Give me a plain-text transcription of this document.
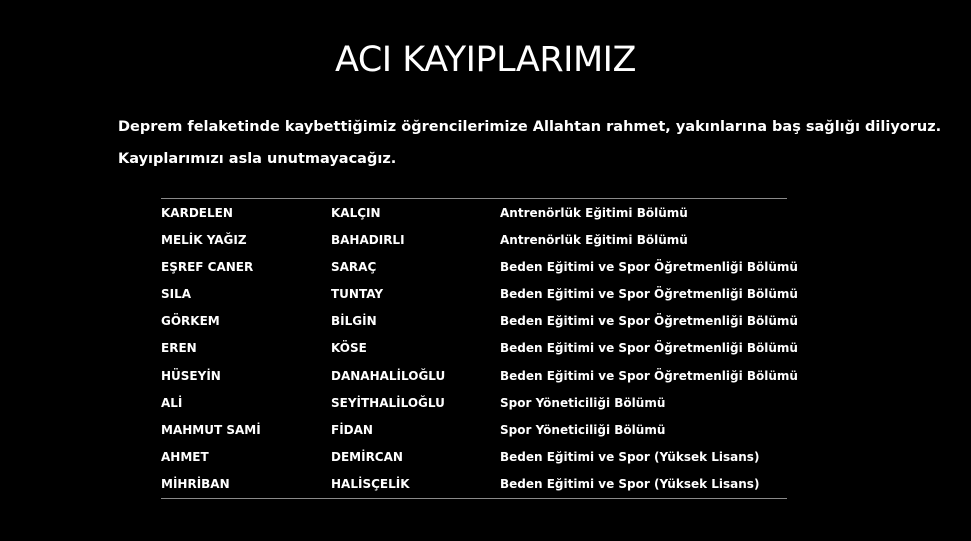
ACI KAYIPLARIMIZ
Deprem felaketinde kaybettiğimiz öğrencilerimize Allahtan rahmet, yakınlarına baş sağlığı diliyoruz.
Kayıplarımızı asla unutmayacağız.
KARDELEN	KALÇIN	Antrenörlük Eğitimi Bölümü
MELİK YAĞIZ	BAHADIRLI	Antrenörlük Eğitimi Bölümü
EŞREF CANER	SARAÇ	Beden Eğitimi ve Spor Öğretmenliği Bölümü
SILA	TUNTAY	Beden Eğitimi ve Spor Öğretmenliği Bölümü
GÖRKEM	BİLGİN	Beden Eğitimi ve Spor Öğretmenliği Bölümü
EREN	KÖSE	Beden Eğitimi ve Spor Öğretmenliği Bölümü
HÜSEYİN	DANAHALİLOĞLU	Beden Eğitimi ve Spor Öğretmenliği Bölümü
ALİ	SEYİTHALİLOĞLU	Spor Yöneticiliği Bölümü
MAHMUT SAMİ	FİDAN	Spor Yöneticiliği Bölümü
AHMET	DEMİRCAN	Beden Eğitimi ve Spor (Yüksek Lisans)
MİHRİBAN	HALİSÇELİK	Beden Eğitimi ve Spor (Yüksek Lisans)
